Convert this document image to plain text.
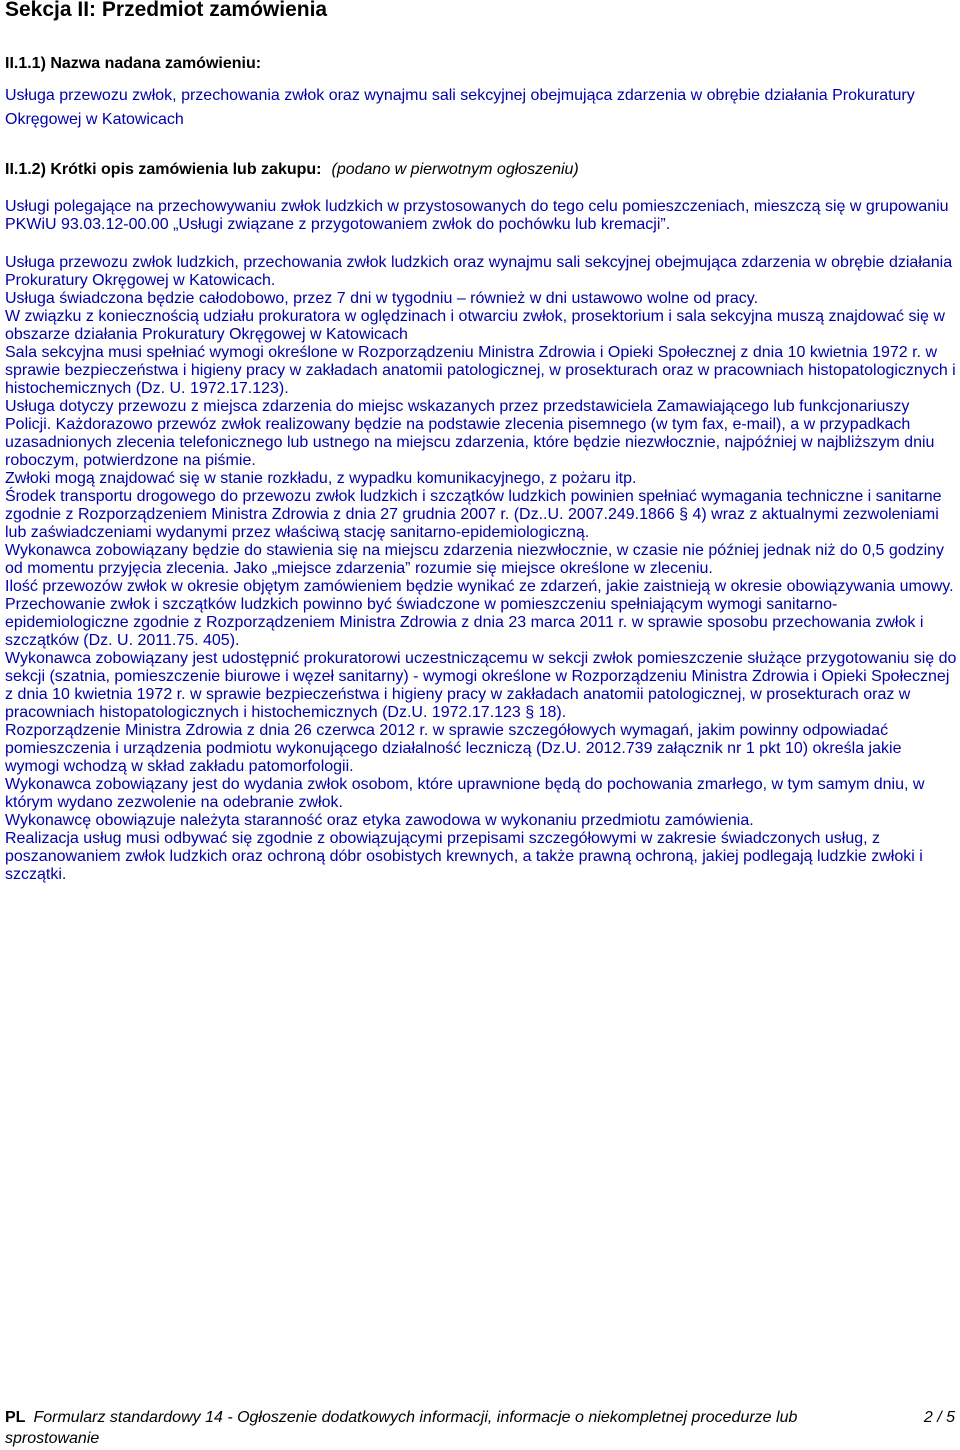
Sekcja II: Przedmiot zamówienia
II.1.1) Nazwa nadana zamówieniu:

Usługa przewozu zwłok, przechowania zwłok oraz wynajmu sali sekcyjnej obejmująca zdarzenia w obrębie działania Prokuratury Okręgowej w Katowicach

II.1.2) Krótki opis zamówienia lub zakupu: (podano w pierwotnym ogłoszeniu)

Usługi polegające na przechowywaniu zwłok ludzkich w przystosowanych do tego celu pomieszczeniach, mieszczą się w grupowaniu PKWiU 93.03.12-00.00 „Usługi związane z przygotowaniem zwłok do pochówku lub kremacji”.

Usługa przewozu zwłok ludzkich, przechowania zwłok ludzkich oraz wynajmu sali sekcyjnej obejmująca zdarzenia w obrębie działania Prokuratury Okręgowej w Katowicach.

Usługa świadczona będzie całodobowo, przez 7 dni w tygodniu – również w dni ustawowo wolne od pracy.

W związku z koniecznością udziału prokuratora w oględzinach i otwarciu zwłok, prosektorium i sala sekcyjna muszą znajdować się w obszarze działania Prokuratury Okręgowej w Katowicach

Sala sekcyjna musi spełniać wymogi określone w Rozporządzeniu Ministra Zdrowia i Opieki Społecznej z dnia 10 kwietnia 1972 r. w sprawie bezpieczeństwa i higieny pracy w zakładach anatomii patologicznej, w prosekturach oraz w pracowniach histopatologicznych i histochemicznych (Dz. U. 1972.17.123).

Usługa dotyczy przewozu z miejsca zdarzenia do miejsc wskazanych przez przedstawiciela Zamawiającego lub funkcjonariuszy Policji. Każdorazowo przewóz zwłok realizowany będzie na podstawie zlecenia pisemnego (w tym fax, e-mail), a w przypadkach uzasadnionych zlecenia telefonicznego lub ustnego na miejscu zdarzenia, które będzie niezwłocznie, najpóźniej w najbliższym dniu roboczym, potwierdzone na piśmie.

Zwłoki mogą znajdować się w stanie rozkładu, z wypadku komunikacyjnego, z pożaru itp.

Środek transportu drogowego do przewozu zwłok ludzkich i szczątków ludzkich powinien spełniać wymagania techniczne i sanitarne zgodnie z Rozporządzeniem Ministra Zdrowia z dnia 27 grudnia 2007 r. (Dz..U. 2007.249.1866 § 4) wraz z aktualnymi zezwoleniami lub zaświadczeniami wydanymi przez właściwą stację sanitarno-epidemiologiczną.

Wykonawca zobowiązany będzie do stawienia się na miejscu zdarzenia niezwłocznie, w czasie nie później jednak niż do 0,5 godziny od momentu przyjęcia zlecenia. Jako „miejsce zdarzenia” rozumie się miejsce określone w zleceniu.

Ilość przewozów zwłok w okresie objętym zamówieniem będzie wynikać ze zdarzeń, jakie zaistnieją w okresie obowiązywania umowy.

Przechowanie zwłok i szczątków ludzkich powinno być świadczone w pomieszczeniu spełniającym wymogi sanitarno-epidemiologiczne zgodnie z Rozporządzeniem Ministra Zdrowia z dnia 23 marca 2011 r. w sprawie sposobu przechowania zwłok i szczątków (Dz. U. 2011.75. 405).

Wykonawca zobowiązany jest udostępnić prokuratorowi uczestniczącemu w sekcji zwłok pomieszczenie służące przygotowaniu się do sekcji (szatnia, pomieszczenie biurowe i węzeł sanitarny) - wymogi określone w Rozporządzeniu Ministra Zdrowia i Opieki Społecznej z dnia 10 kwietnia 1972 r. w sprawie bezpieczeństwa i higieny pracy w zakładach anatomii patologicznej, w prosekturach oraz w pracowniach histopatologicznych i histochemicznych (Dz.U. 1972.17.123 § 18).

Rozporządzenie Ministra Zdrowia z dnia 26 czerwca 2012 r. w sprawie szczegółowych wymagań, jakim powinny odpowiadać pomieszczenia i urządzenia podmiotu wykonującego działalność leczniczą (Dz.U. 2012.739 załącznik nr 1 pkt 10) określa jakie wymogi wchodzą w skład zakładu patomorfologii.

Wykonawca zobowiązany jest do wydania zwłok osobom, które uprawnione będą do pochowania zmarłego, w tym samym dniu, w którym wydano zezwolenie na odebranie zwłok.

Wykonawcę obowiązuje należyta staranność oraz etyka zawodowa w wykonaniu przedmiotu zamówienia.

Realizacja usług musi odbywać się zgodnie z obowiązującymi przepisami szczegółowymi w zakresie świadczonych usług, z poszanowaniem zwłok ludzkich oraz ochroną dóbr osobistych krewnych, a także prawną ochroną, jakiej podlegają ludzkie zwłoki i szczątki.

PL Formularz standardowy 14 - Ogłoszenie dodatkowych informacji, informacje o niekompletnej procedurze lub sprostowanie
2 / 5
